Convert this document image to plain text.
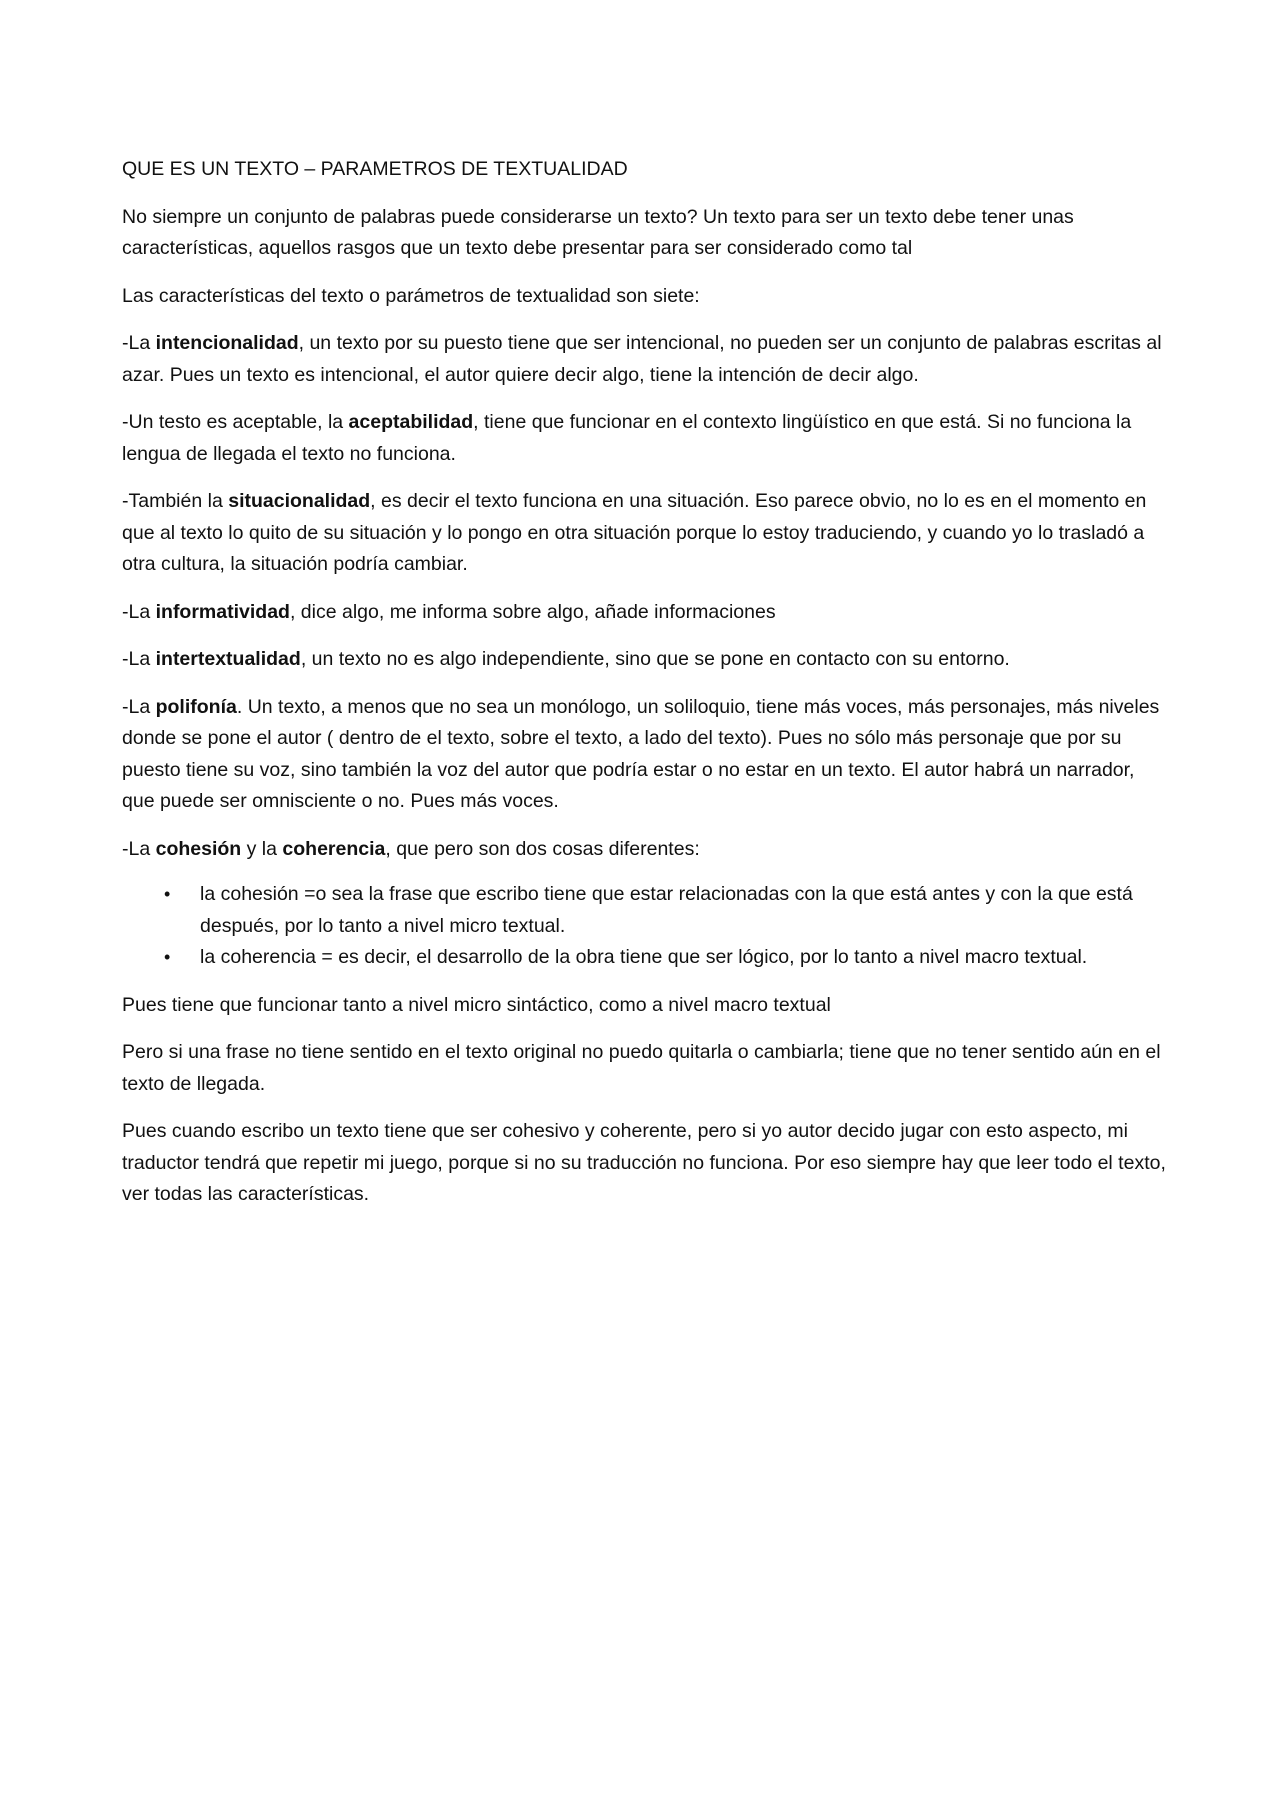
QUE ES UN TEXTO – PARAMETROS DE TEXTUALIDAD

No siempre un conjunto de palabras puede considerarse un texto? Un texto para ser un texto debe tener unas características, aquellos rasgos que un texto debe presentar para ser considerado como tal

Las características del texto o parámetros de textualidad son siete:

-La intencionalidad, un texto por su puesto tiene que ser intencional, no pueden ser un conjunto de palabras escritas al azar. Pues un texto es intencional, el autor quiere decir algo, tiene la intención de decir algo.

-Un testo es aceptable, la aceptabilidad, tiene que funcionar en el contexto lingüístico en que está. Si no funciona la lengua de llegada el texto no funciona.

-También la situacionalidad, es decir el texto funciona en una situación. Eso parece obvio, no lo es en el momento en que al texto lo quito de su situación y lo pongo en otra situación porque lo estoy traduciendo, y cuando yo lo trasladó a otra cultura, la situación podría cambiar.

-La informatividad, dice algo, me informa sobre algo, añade informaciones

-La intertextualidad, un texto no es algo independiente, sino que se pone en contacto con su entorno.

-La polifonía. Un texto, a menos que no sea un monólogo, un soliloquio, tiene más voces, más personajes, más niveles donde se pone el autor ( dentro de el texto, sobre el texto, a lado del texto). Pues no sólo más personaje que por su puesto tiene su voz, sino también la voz del autor que podría estar o no estar en un texto. El autor habrá un narrador, que puede ser omnisciente o no. Pues más voces.

-La cohesión y la coherencia, que pero son dos cosas diferentes:

• la cohesión =o sea la frase que escribo tiene que estar relacionadas con la que está antes y con la que está después, por lo tanto a nivel micro textual.
• la coherencia = es decir, el desarrollo de la obra tiene que ser lógico, por lo tanto a nivel macro textual.

Pues tiene que funcionar tanto a nivel micro sintáctico, como a nivel macro textual

Pero si una frase no tiene sentido en el texto original no puedo quitarla o cambiarla; tiene que no tener sentido aún en el texto de llegada.

Pues cuando escribo un texto tiene que ser cohesivo y coherente, pero si yo autor decido jugar con esto aspecto, mi traductor tendrá que repetir mi juego, porque si no su traducción no funciona. Por eso siempre hay que leer todo el texto, ver todas las características.
